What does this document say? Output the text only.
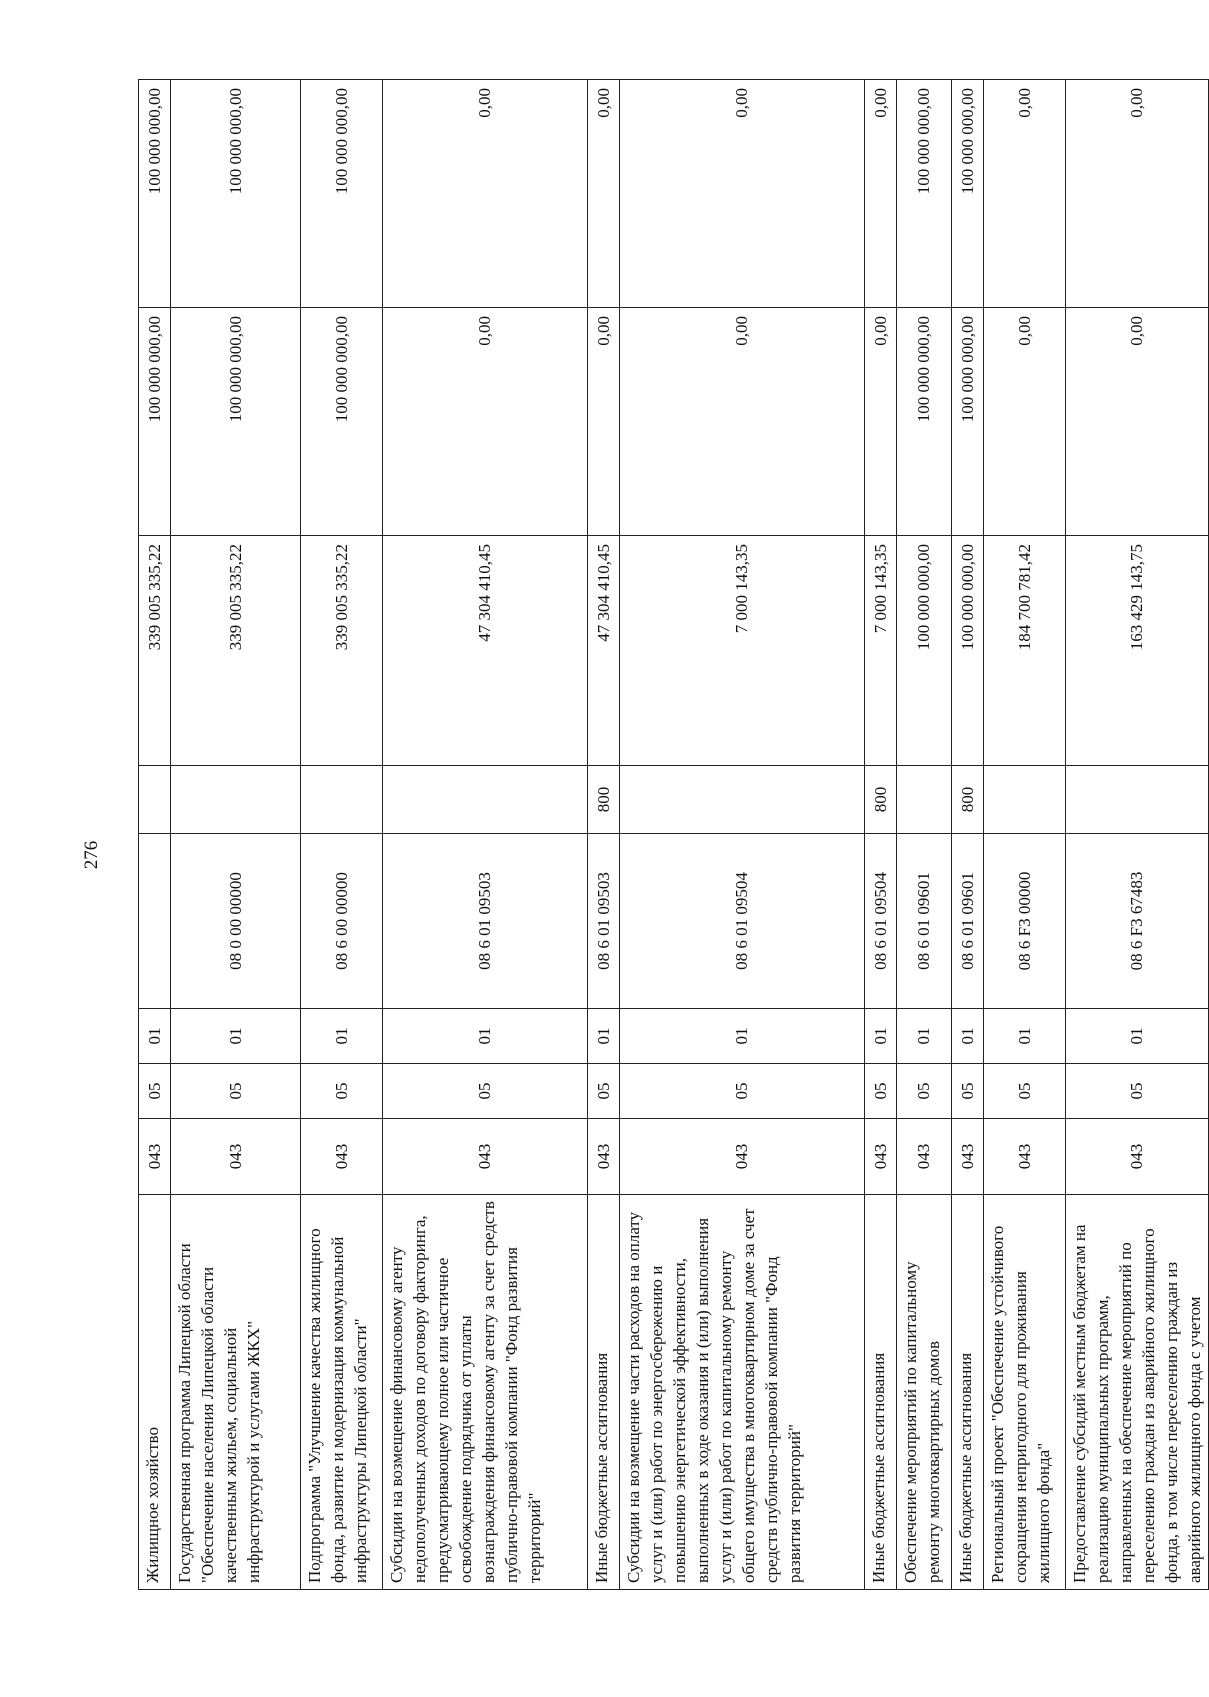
276
Жилищное хозяйство	043	05	01			339 005 335,22	100 000 000,00	100 000 000,00
Государственная программа Липецкой области "Обеспечение населения Липецкой области качественным жильем, социальной инфраструктурой и услугами ЖКХ"	043	05	01	08 0 00 00000		339 005 335,22	100 000 000,00	100 000 000,00
Подпрограмма "Улучшение качества жилищного фонда, развитие и модернизация коммунальной инфраструктуры Липецкой области"	043	05	01	08 6 00 00000		339 005 335,22	100 000 000,00	100 000 000,00
Субсидии на возмещение финансовому агенту недополученных доходов по договору факторинга, предусматривающему полное или частичное освобождение подрядчика от уплаты вознаграждения финансовому агенту за счет средств публично-правовой компании "Фонд развития территорий"	043	05	01	08 6 01 09503		47 304 410,45	0,00	0,00
Иные бюджетные ассигнования	043	05	01	08 6 01 09503	800	47 304 410,45	0,00	0,00
Субсидии на возмещение части расходов на оплату услуг и (или) работ по энергосбережению и повышению энергетической эффективности, выполненных в ходе оказания и (или) выполнения услуг и (или) работ по капитальному ремонту общего имущества в многоквартирном доме за счет средств публично-правовой компании "Фонд развития территорий"	043	05	01	08 6 01 09504		7 000 143,35	0,00	0,00
Иные бюджетные ассигнования	043	05	01	08 6 01 09504	800	7 000 143,35	0,00	0,00
Обеспечение мероприятий по капитальному ремонту многоквартирных домов	043	05	01	08 6 01 09601		100 000 000,00	100 000 000,00	100 000 000,00
Иные бюджетные ассигнования	043	05	01	08 6 01 09601	800	100 000 000,00	100 000 000,00	100 000 000,00
Региональный проект "Обеспечение устойчивого сокращения непригодного для проживания жилищного фонда"	043	05	01	08 6 F3 00000		184 700 781,42	0,00	0,00
Предоставление субсидий местным бюджетам на реализацию муниципальных программ, направленных на обеспечение мероприятий по переселению граждан из аварийного жилищного фонда, в том числе переселению граждан из аварийного жилищного фонда с учетом	043	05	01	08 6 F3 67483		163 429 143,75	0,00	0,00
